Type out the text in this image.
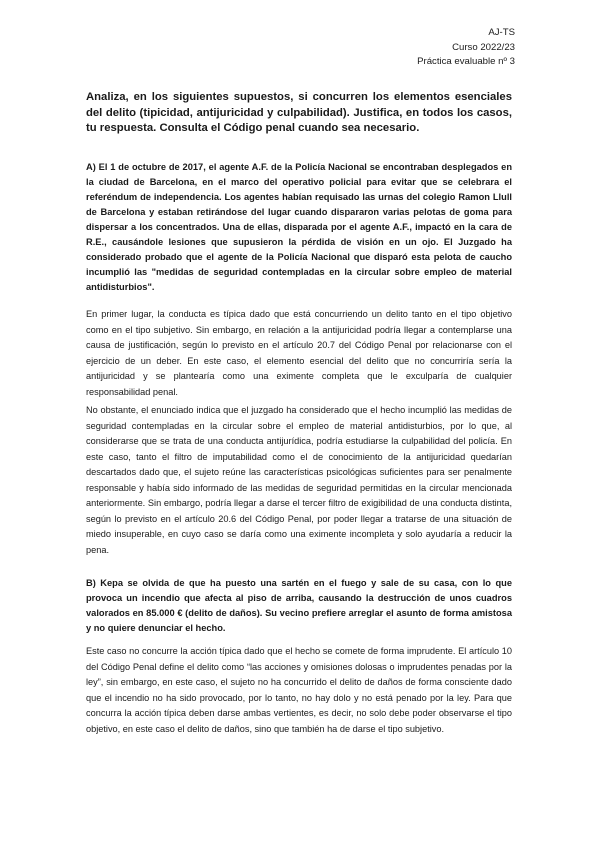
AJ-TS
Curso 2022/23
Práctica evaluable nº 3
Analiza, en los siguientes supuestos, si concurren los elementos esenciales del delito (tipicidad, antijuricidad y culpabilidad). Justifica, en todos los casos, tu respuesta. Consulta el Código penal cuando sea necesario.
A) El 1 de octubre de 2017, el agente A.F. de la Policía Nacional se encontraban desplegados en la ciudad de Barcelona, en el marco del operativo policial para evitar que se celebrara el referéndum de independencia. Los agentes habían requisado las urnas del colegio Ramon Llull de Barcelona y estaban retirándose del lugar cuando dispararon varias pelotas de goma para dispersar a los concentrados. Una de ellas, disparada por el agente A.F., impactó en la cara de R.E., causándole lesiones que supusieron la pérdida de visión en un ojo. El Juzgado ha considerado probado que el agente de la Policía Nacional que disparó esta pelota de caucho incumplió las "medidas de seguridad contempladas en la circular sobre empleo de material antidisturbios".
En primer lugar, la conducta es típica dado que está concurriendo un delito tanto en el tipo objetivo como en el tipo subjetivo. Sin embargo, en relación a la antijuricidad podría llegar a contemplarse una causa de justificación, según lo previsto en el artículo 20.7 del Código Penal por relacionarse con el ejercicio de un deber. En este caso, el elemento esencial del delito que no concurriría sería la antijuricidad y se plantearía como una eximente completa que le exculparía de cualquier responsabilidad penal.
No obstante, el enunciado indica que el juzgado ha considerado que el hecho incumplió las medidas de seguridad contempladas en la circular sobre el empleo de material antidisturbios, por lo que, al considerarse que se trata de una conducta antijurídica, podría estudiarse la culpabilidad del policía. En este caso, tanto el filtro de imputabilidad como el de conocimiento de la antijuricidad quedarían descartados dado que, el sujeto reúne las características psicológicas suficientes para ser penalmente responsable y había sido informado de las medidas de seguridad permitidas en la circular mencionada anteriormente. Sin embargo, podría llegar a darse el tercer filtro de exigibilidad de una conducta distinta, según lo previsto en el artículo 20.6 del Código Penal, por poder llegar a tratarse de una situación de miedo insuperable, en cuyo caso se daría como una eximente incompleta y solo ayudaría a reducir la pena.
B) Kepa se olvida de que ha puesto una sartén en el fuego y sale de su casa, con lo que provoca un incendio que afecta al piso de arriba, causando la destrucción de unos cuadros valorados en 85.000 € (delito de daños). Su vecino prefiere arreglar el asunto de forma amistosa y no quiere denunciar el hecho.
Este caso no concurre la acción típica dado que el hecho se comete de forma imprudente. El artículo 10 del Código Penal define el delito como “las acciones y omisiones dolosas o imprudentes penadas por la ley”, sin embargo, en este caso, el sujeto no ha concurrido el delito de daños de forma consciente dado que el incendio no ha sido provocado, por lo tanto, no hay dolo y no está penado por la ley. Para que concurra la acción típica deben darse ambas vertientes, es decir, no solo debe poder observarse el tipo objetivo, en este caso el delito de daños, sino que también ha de darse el tipo subjetivo.
